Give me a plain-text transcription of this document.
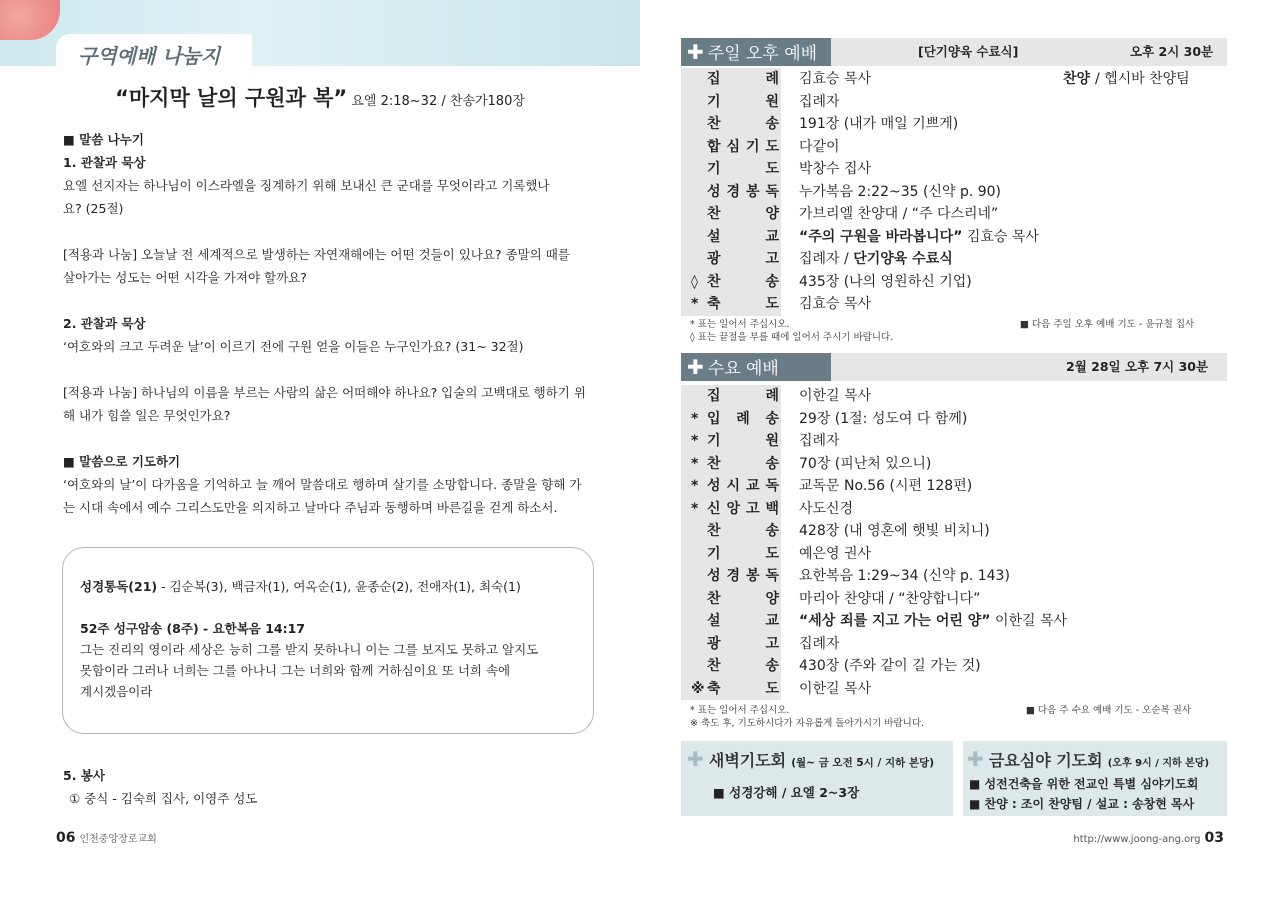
구역예배 나눔지
“마지막 날의 구원과 복” 요엘 2:18~32 / 찬송가180장
■ 말씀 나누기
1. 관찰과 묵상
요엘 선지자는 하나님이 이스라엘을 징계하기 위해 보내신 큰 군대를 무엇이라고 기록했나
요? (25절)
[적용과 나눔] 오늘날 전 세계적으로 발생하는 자연재해에는 어떤 것들이 있나요? 종말의 때를
살아가는 성도는 어떤 시각을 가져야 할까요?
2. 관찰과 묵상
‘여호와의 크고 두려운 날’이 이르기 전에 구원 얻을 이들은 누구인가요? (31~ 32절)
[적용과 나눔] 하나님의 이름을 부르는 사람의 삶은 어떠해야 하나요? 입술의 고백대로 행하기 위
해 내가 힘쓸 일은 무엇인가요?
■ 말씀으로 기도하기
‘여호와의 날’이 다가옴을 기억하고 늘 깨어 말씀대로 행하며 살기를 소망합니다. 종말을 향해 가
는 시대 속에서 예수 그리스도만을 의지하고 날마다 주님과 동행하며 바른길을 걷게 하소서.
성경통독(21) - 김순복(3), 백금자(1), 여옥순(1), 윤종순(2), 전애자(1), 최숙(1)
52주 성구암송 (8주) - 요한복음 14:17
그는 진리의 영이라 세상은 능히 그를 받지 못하나니 이는 그를 보지도 못하고 알지도
못함이라 그러나 너희는 그를 아나니 그는 너희와 함께 거하심이요 또 너희 속에
계시겠음이라
5. 봉사
① 중식 - 김숙희 집사, 이영주 성도
06 인천중앙장로교회
✚ 주일 오후 예배	[단기양육 수료식]	오후 2시 30분
집	례 김효승 목사	찬양 / 헵시바 찬양팀
기	원 집례자
찬	송 191장 (내가 매일 기쁘게)
합 심 기 도 다같이
기	도 박창수 집사
성 경 봉 독 누가복음 2:22~35 (신약 p. 90)
찬	양 가브리엘 찬양대 / “주 다스리네”
설	교 “주의 구원을 바라봅니다” 김효승 목사
광	고 집례자 / 단기양육 수료식
◊ 찬	송 435장 (나의 영원하신 기업)
* 축	도 김효승 목사
* 표는 일어서 주십시오.
◊ 표는 끝절을 부를 때에 일어서 주시기 바랍니다.
■ 다음 주일 오후 예배 기도 - 윤규철 집사
✚ 수요 예배	2월 28일 오후 7시 30분
집	례 이한길 목사
* 입 례 송 29장 (1절: 성도여 다 함께)
* 기	원 집례자
* 찬	송 70장 (피난처 있으니)
* 성 시 교 독 교독문 No.56 (시편 128편)
* 신 앙 고 백 사도신경
찬	송 428장 (내 영혼에 햇빛 비치니)
기	도 예은영 권사
성 경 봉 독 요한복음 1:29~34 (신약 p. 143)
찬	양 마리아 찬양대 / “찬양합니다”
설	교 “세상 죄를 지고 가는 어린 양” 이한길 목사
광	고 집례자
찬	송 430장 (주와 같이 길 가는 것)
※ 축	도 이한길 목사
* 표는 일어서 주십시오.
※ 축도 후, 기도하시다가 자유롭게 돌아가시기 바랍니다.
■ 다음 주 수요 예배 기도 - 오순복 권사
✚ 새벽기도회 (월~ 금 오전 5시 / 지하 본당)
■ 성경강해 / 요엘 2~3장
✚ 금요심야 기도회 (오후 9시 / 지하 본당)
■ 성전건축을 위한 전교인 특별 심야기도회
■ 찬양 : 조이 찬양팀 / 설교 : 송창현 목사
http://www.joong-ang.org 03
